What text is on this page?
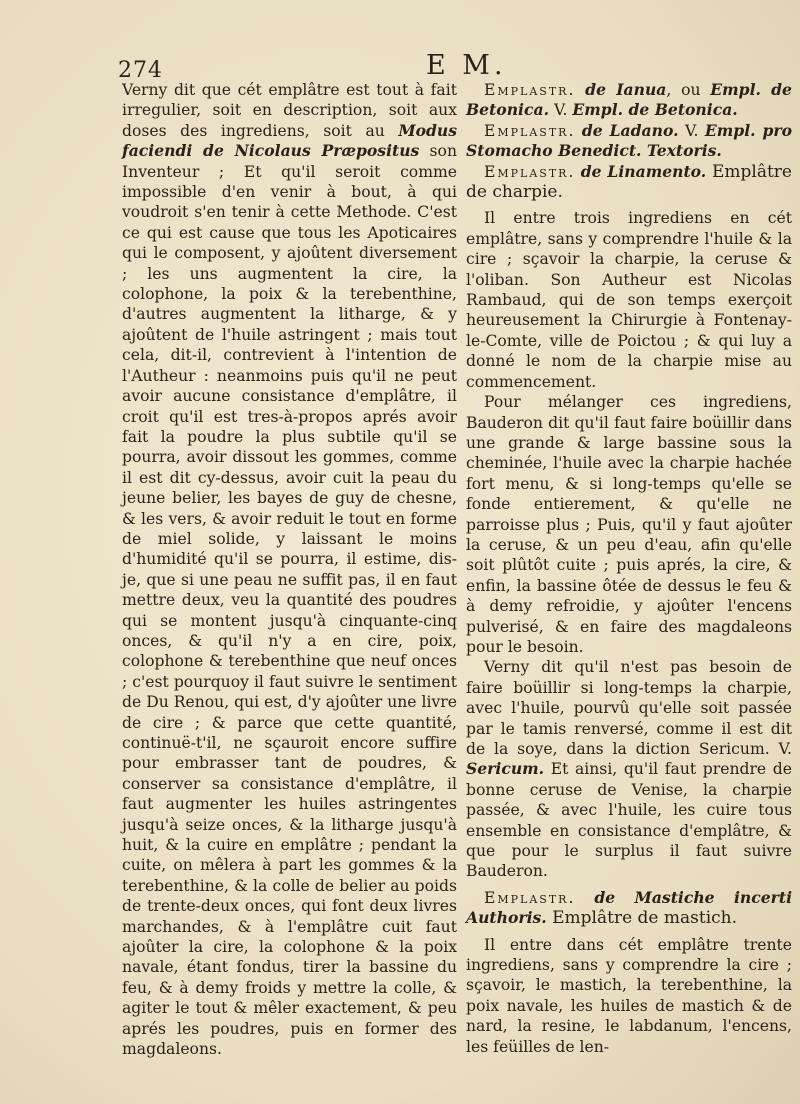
274	E M.

Verny dit que cét emplâtre est tout à fait irregulier, soit en description, soit aux doses des ingrediens, soit au Modus faciendi de Nicolaus Præpositus son Inventeur ; Et qu'il seroit comme impossible d'en venir à bout, à qui voudroit s'en tenir à cette Methode. C'est ce qui est cause que tous les Apoticaires qui le composent, y ajoûtent diversement ; les uns augmentent la cire, la colophone, la poix & la terebenthine, d'autres augmentent la litharge, & y ajoûtent de l'huile astringent ; mais tout cela, dit-il, contrevient à l'intention de l'Autheur : neanmoins puis qu'il ne peut avoir aucune consistance d'emplâtre, il croit qu'il est tres-à-propos aprés avoir fait la poudre la plus subtile qu'il se pourra, avoir dissout les gommes, comme il est dit cy-dessus, avoir cuit la peau du jeune belier, les bayes de guy de chesne, & les vers, & avoir reduit le tout en forme de miel solide, y laissant le moins d'humidité qu'il se pourra, il estime, dis-je, que si une peau ne suffit pas, il en faut mettre deux, veu la quantité des poudres qui se montent jusqu'à cinquante-cinq onces, & qu'il n'y a en cire, poix, colophone & terebenthine que neuf onces ; c'est pourquoy il faut suivre le sentiment de Du Renou, qui est, d'y ajoûter une livre de cire ; & parce que cette quantité, continuë-t'il, ne sçauroit encore suffire pour embrasser tant de poudres, & conserver sa consistance d'emplâtre, il faut augmenter les huiles astringentes jusqu'à seize onces, & la litharge jusqu'à huit, & la cuire en emplâtre ; pendant la cuite, on mêlera à part les gommes & la terebenthine, & la colle de belier au poids de trente-deux onces, qui font deux livres marchandes, & à l'emplâtre cuit faut ajoûter la cire, la colophone & la poix navale, étant fondus, tirer la bassine du feu, & à demy froids y mettre la colle, & agiter le tout & mêler exactement, & peu aprés les poudres, puis en former des magdaleons.

Emplastr. de Ianua, ou Empl. de Betonica. V. Empl. de Betonica.

Emplastr. de Ladano. V. Empl. pro Stomacho Benedict. Textoris.

Emplastr. de Linamento. Emplâtre de charpie.

Il entre trois ingrediens en cét emplâtre, sans y comprendre l'huile & la cire ; sçavoir la charpie, la ceruse & l'oliban. Son Autheur est Nicolas Rambaud, qui de son temps exerçoit heureusement la Chirurgie à Fontenay-le-Comte, ville de Poictou ; & qui luy a donné le nom de la charpie mise au commencement.

Pour mélanger ces ingrediens, Bauderon dit qu'il faut faire boüillir dans une grande & large bassine sous la cheminée, l'huile avec la charpie hachée fort menu, & si long-temps qu'elle se fonde entierement, & qu'elle ne parroisse plus ; Puis, qu'il y faut ajoûter la ceruse, & un peu d'eau, afin qu'elle soit plûtôt cuite ; puis aprés, la cire, & enfin, la bassine ôtée de dessus le feu & à demy refroidie, y ajoûter l'encens pulverisé, & en faire des magdaleons pour le besoin.

Verny dit qu'il n'est pas besoin de faire boüillir si long-temps la charpie, avec l'huile, pourvû qu'elle soit passée par le tamis renversé, comme il est dit de la soye, dans la diction Sericum. V. Sericum. Et ainsi, qu'il faut prendre de bonne ceruse de Venise, la charpie passée, & avec l'huile, les cuire tous ensemble en consistance d'emplâtre, & que pour le surplus il faut suivre Bauderon.

Emplastr. de Mastiche incerti Authoris. Emplâtre de mastich.

Il entre dans cét emplâtre trente ingrediens, sans y comprendre la cire ; sçavoir, le mastich, la terebenthine, la poix navale, les huiles de mastich & de nard, la resine, le labdanum, l'encens, les feüilles de len-
